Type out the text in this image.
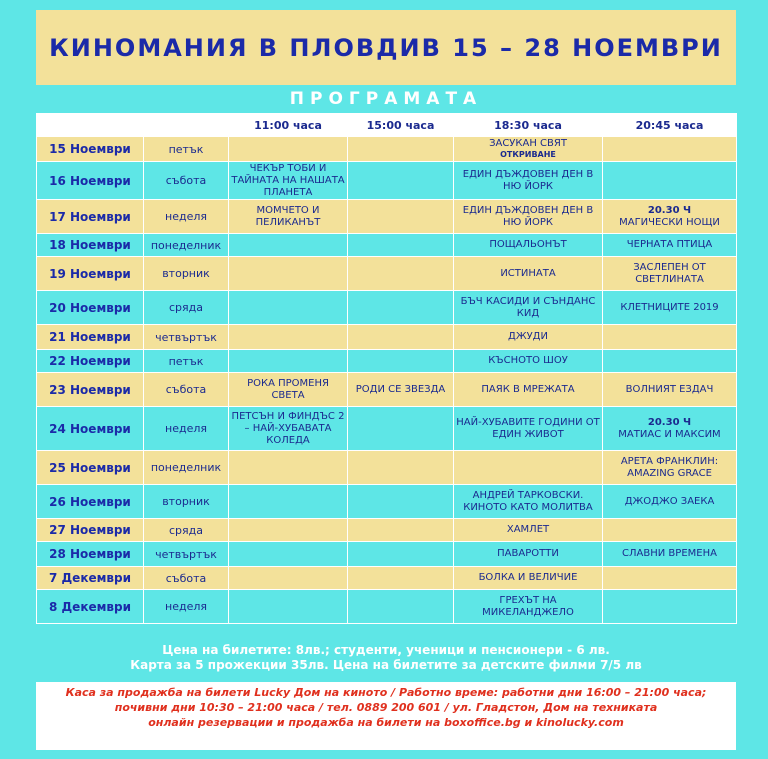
КИНОМАНИЯ В ПЛОВДИВ 15 – 28 НОЕМВРИ
ПРОГРАМАТА
		11:00 часа	15:00 часа	18:30 часа	20:45 часа
15 Ноември	петък			ЗАСУКАН СВЯТ
ОТКРИВАНЕ	

16 Ноември	събота	ЧЕКЪР ТОБИ И ТАЙНАТА НА НАШАТА ПЛАНЕТА		ЕДИН ДЪЖДОВЕН ДЕН В НЮ ЙОРК

17 Ноември	неделя	МОМЧЕТО И ПЕЛИКАНЪТ		ЕДИН ДЪЖДОВЕН ДЕН В НЮ ЙОРК	20.30 Ч
МАГИЧЕСКИ НОЩИ
18 Ноември	понеделник			ПОЩАЛЬОНЪТ	ЧЕРНАТА ПТИЦА
19 Ноември	вторник			ИСТИНАТА	ЗАСЛЕПЕН ОТ СВЕТЛИНАТА
20 Ноември	сряда			БЪЧ КАСИДИ И СЪНДАНС КИД	КЛЕТНИЦИТЕ 2019
21 Ноември	четвъртък			ДЖУДИ

22 Ноември	петък			КЪСНОТО ШОУ

23 Ноември	събота	РОКА ПРОМЕНЯ СВЕТА	РОДИ СЕ ЗВЕЗДА	ПАЯК В МРЕЖАТА	ВОЛНИЯТ ЕЗДАЧ
24 Ноември	неделя	ПЕТСЪН И ФИНДЪС 2 – НАЙ-ХУБАВАТА КОЛЕДА		НАЙ-ХУБАВИТЕ ГОДИНИ ОТ ЕДИН ЖИВОТ	20.30 Ч
МАТИАС И МАКСИМ
25 Ноември	понеделник				АРЕТА ФРАНКЛИН: AMAZING GRACE
26 Ноември	вторник			АНДРЕЙ ТАРКОВСКИ. КИНОТО КАТО МОЛИТВА	ДЖОДЖО ЗАЕКА
27 Ноември	сряда			ХАМЛЕТ

28 Ноември	четвъртък			ПАВАРОТТИ	СЛАВНИ ВРЕМЕНА
7 Декември	събота			БОЛКА И ВЕЛИЧИЕ

8 Декември	неделя			ГРЕХЪТ НА МИКЕЛАНДЖЕЛО

Цена на билетите: 8лв.; студенти, ученици и пенсионери - 6 лв.
Карта за 5 прожекции 35лв. Цена на билетите за детските филми 7/5 лв
Каса за продажба на билети Lucky Дом на киното / Работно време: работни дни 16:00 – 21:00 часа;
почивни дни 10:30 – 21:00 часа / тел. 0889 200 601 / ул. Гладстон, Дом на техниката
онлайн резервации и продажба на билети на boxoffice.bg и kinolucky.com
